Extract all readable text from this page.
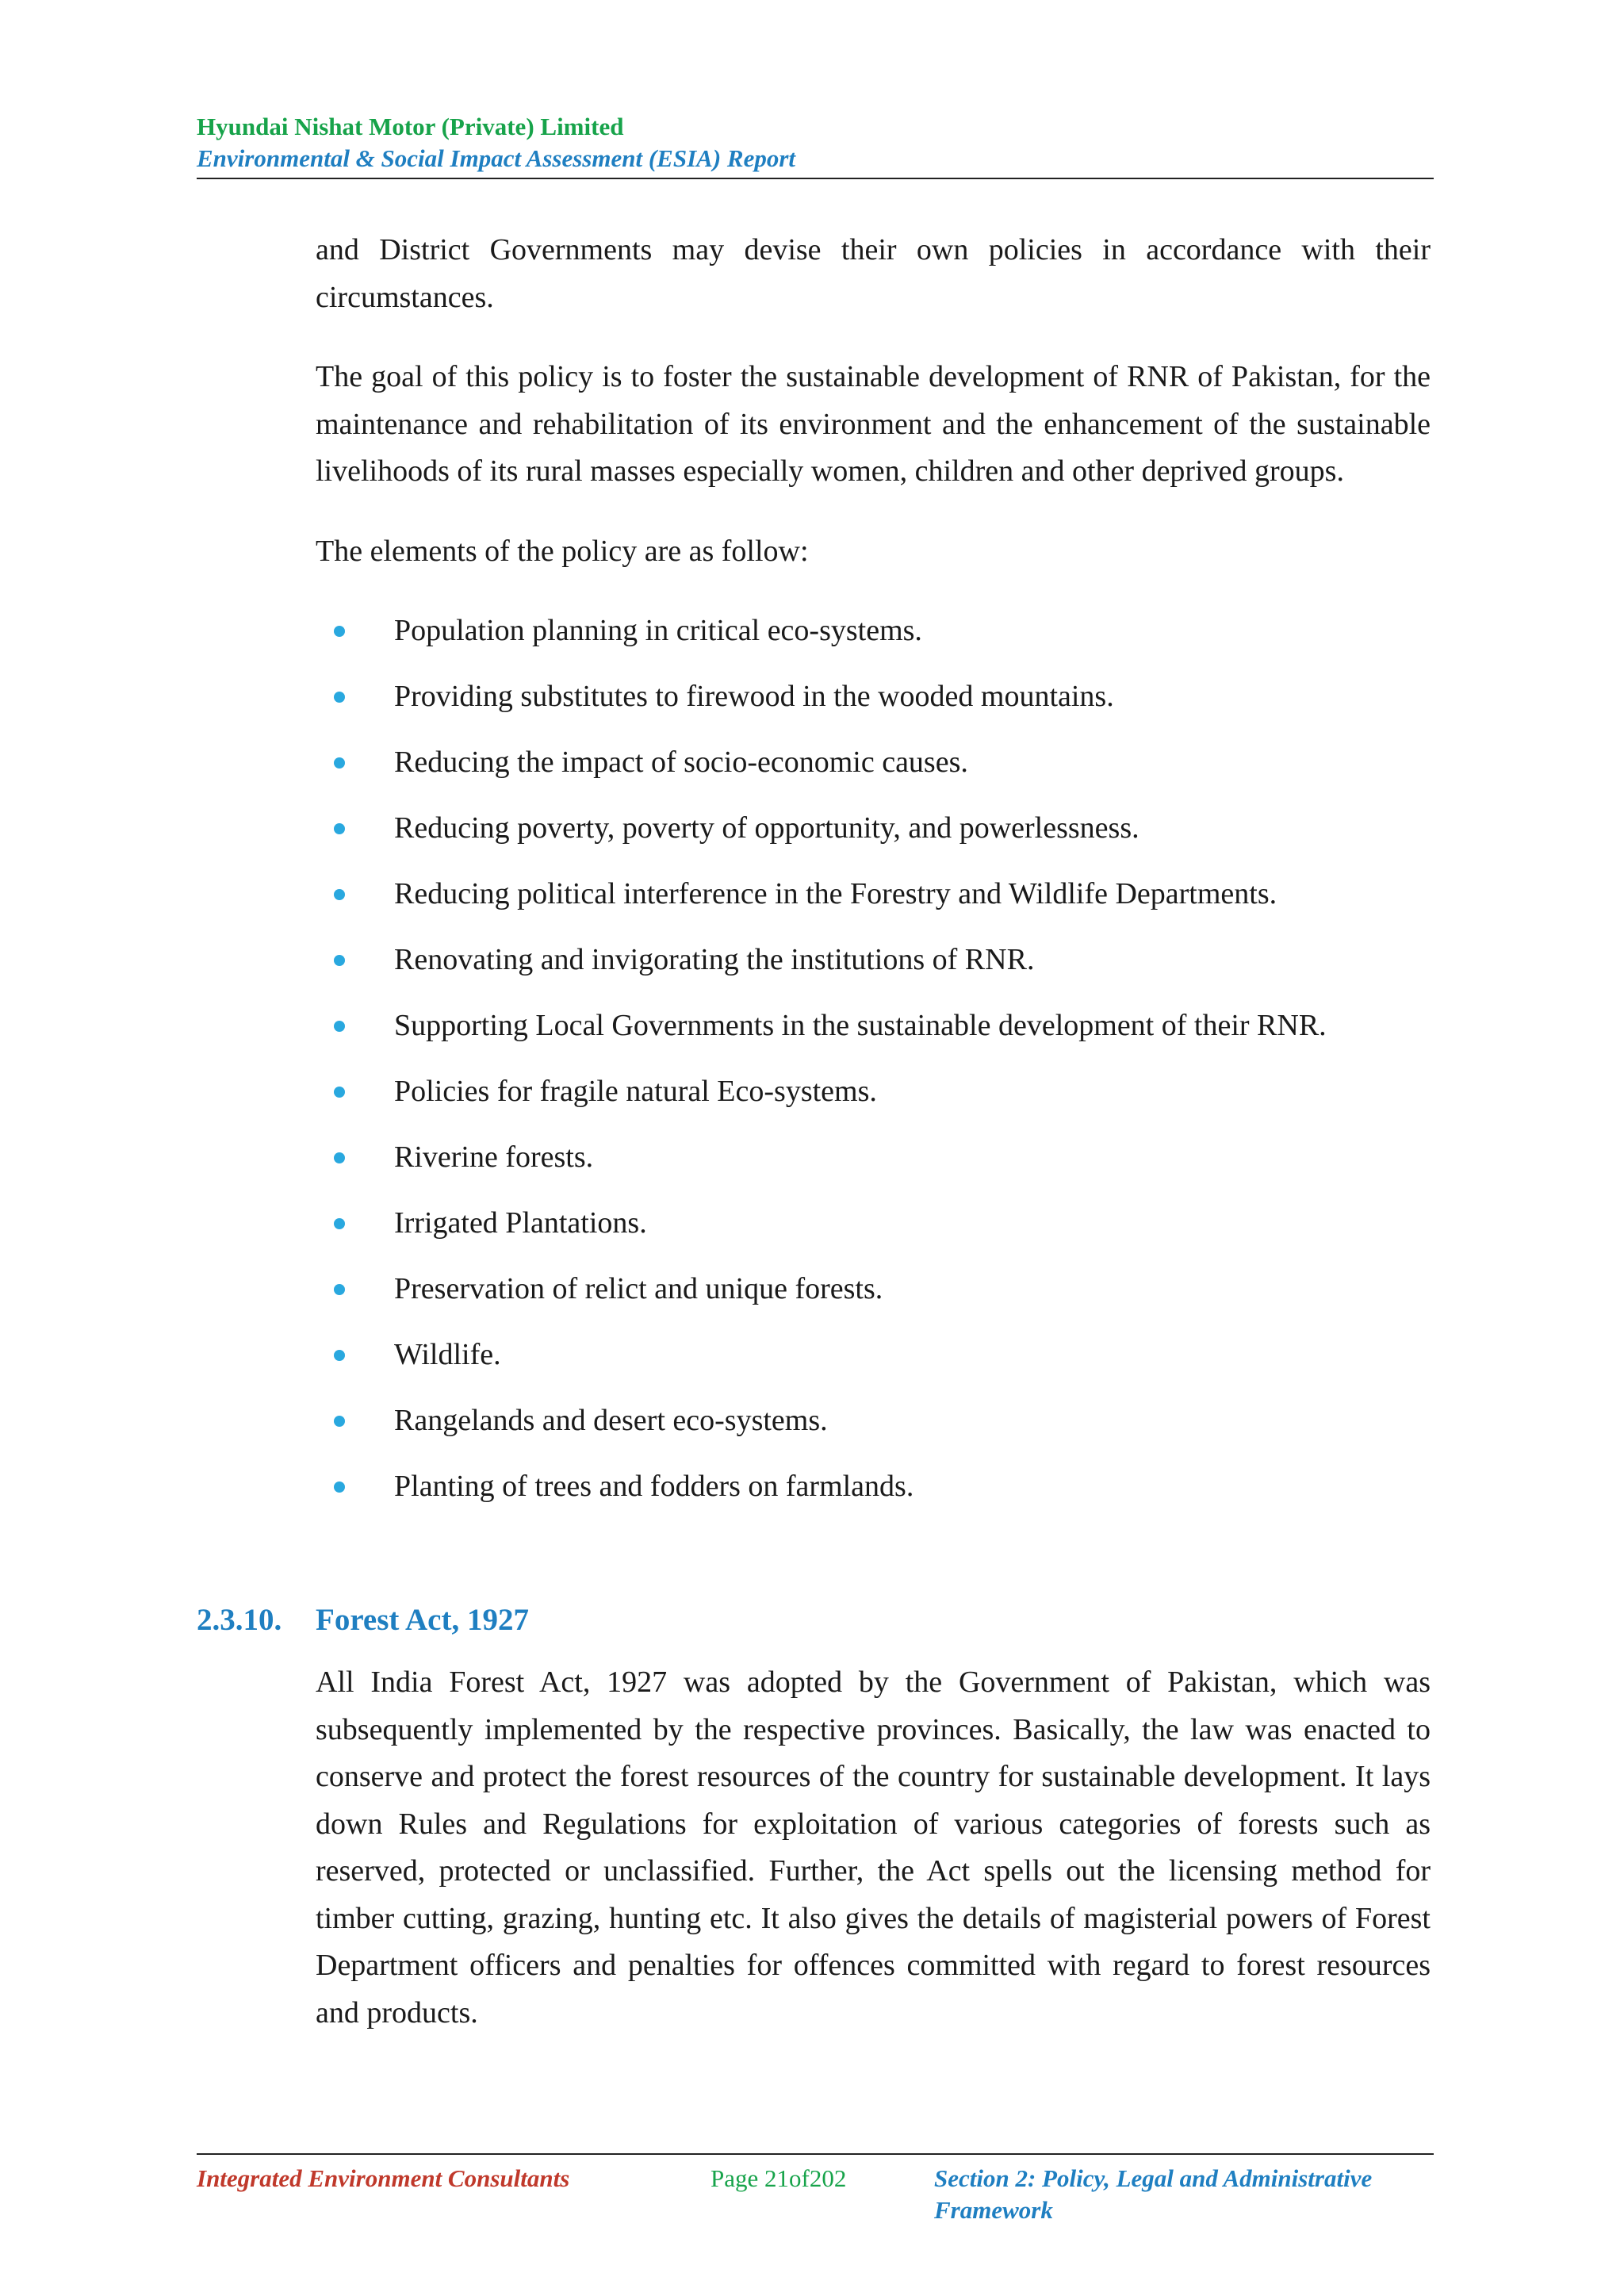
Hyundai Nishat Motor (Private) Limited
Environmental & Social Impact Assessment (ESIA) Report

and District Governments may devise their own policies in accordance with their circumstances.

The goal of this policy is to foster the sustainable development of RNR of Pakistan, for the maintenance and rehabilitation of its environment and the enhancement of the sustainable livelihoods of its rural masses especially women, children and other deprived groups.

The elements of the policy are as follow:

Population planning in critical eco-systems.
Providing substitutes to firewood in the wooded mountains.
Reducing the impact of socio-economic causes.
Reducing poverty, poverty of opportunity, and powerlessness.
Reducing political interference in the Forestry and Wildlife Departments.
Renovating and invigorating the institutions of RNR.
Supporting Local Governments in the sustainable development of their RNR.
Policies for fragile natural Eco-systems.
Riverine forests.
Irrigated Plantations.
Preservation of relict and unique forests.
Wildlife.
Rangelands and desert eco-systems.
Planting of trees and fodders on farmlands.
2.3.10. Forest Act, 1927

All India Forest Act, 1927 was adopted by the Government of Pakistan, which was subsequently implemented by the respective provinces. Basically, the law was enacted to conserve and protect the forest resources of the country for sustainable development. It lays down Rules and Regulations for exploitation of various categories of forests such as reserved, protected or unclassified. Further, the Act spells out the licensing method for timber cutting, grazing, hunting etc. It also gives the details of magisterial powers of Forest Department officers and penalties for offences committed with regard to forest resources and products.

Integrated Environment Consultants	Page 21of202	Section 2: Policy, Legal and Administrative Framework
